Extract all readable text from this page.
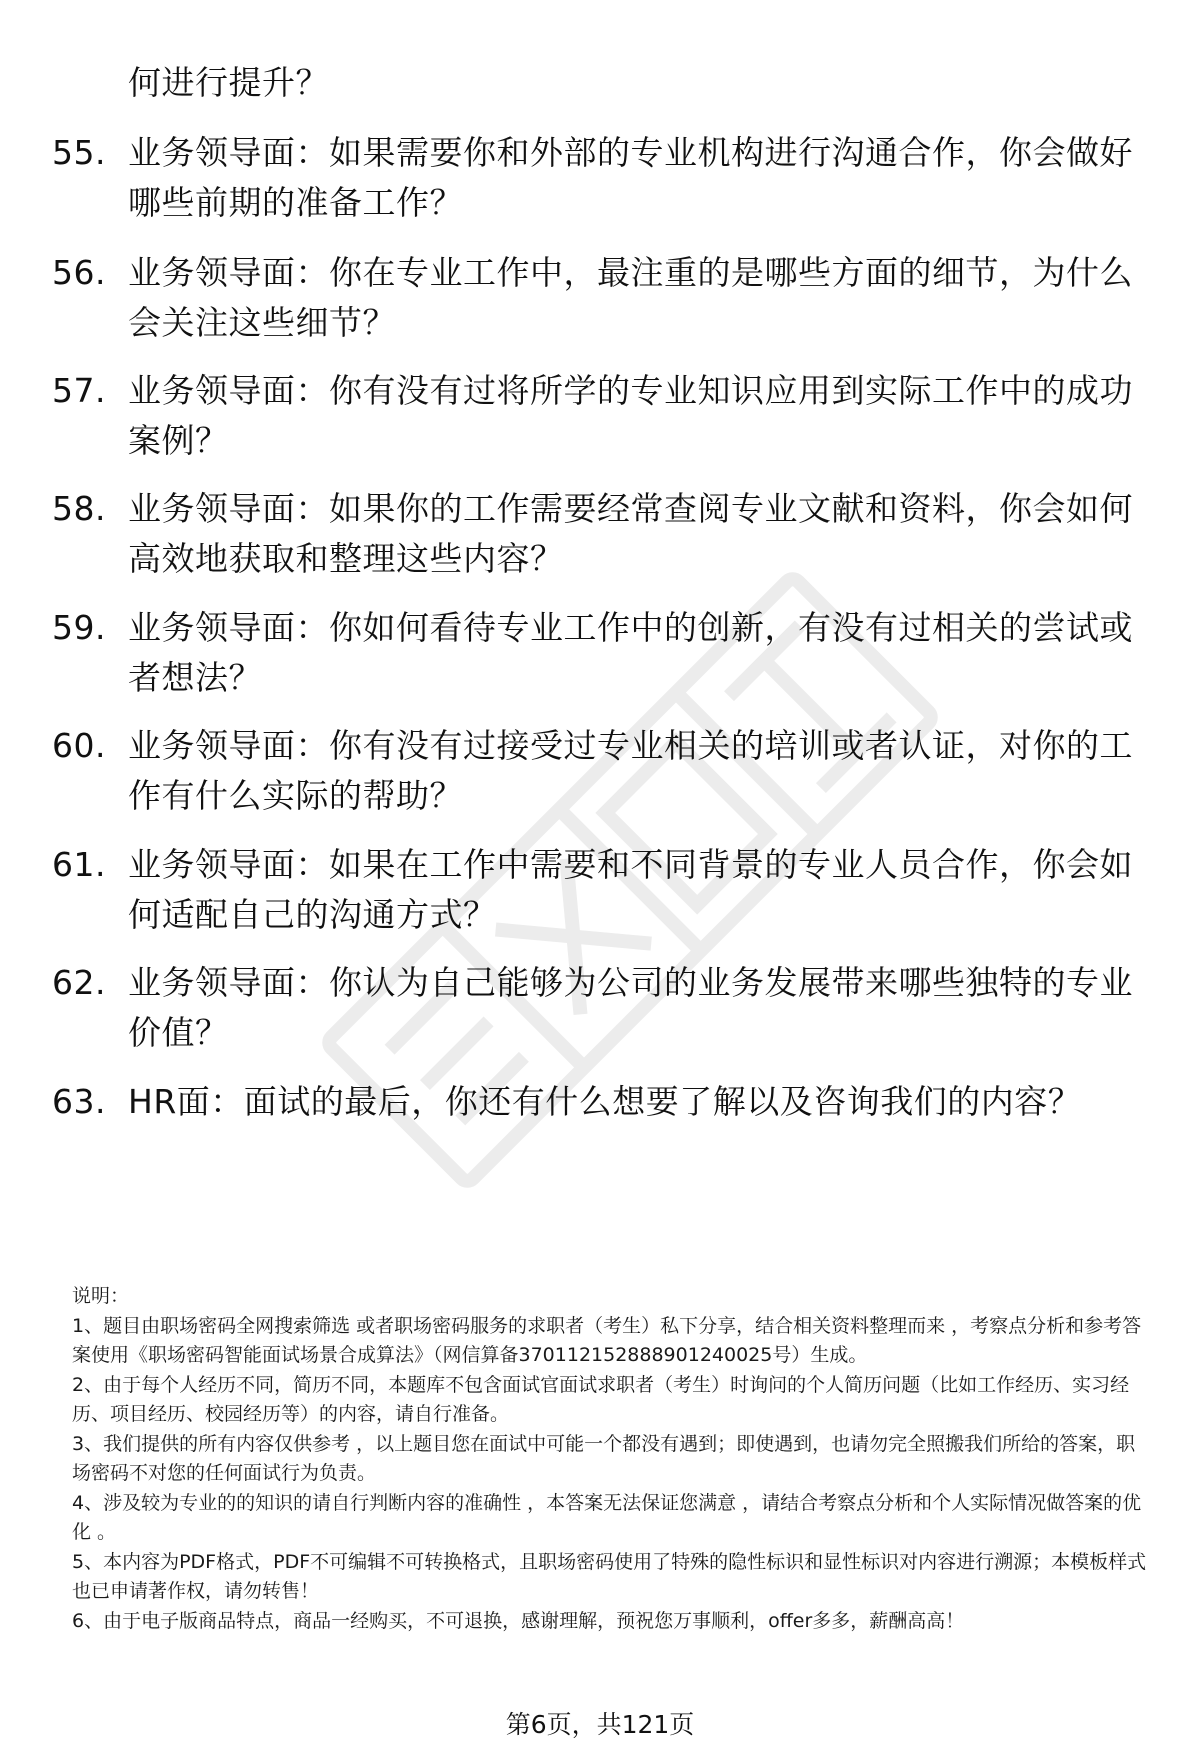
何进行提升？
55. 业务领导面：如果需要你和外部的专业机构进行沟通合作，你会做好哪些前期的准备工作？
56. 业务领导面：你在专业工作中，最注重的是哪些方面的细节，为什么会关注这些细节？
57. 业务领导面：你有没有过将所学的专业知识应用到实际工作中的成功案例？
58. 业务领导面：如果你的工作需要经常查阅专业文献和资料，你会如何高效地获取和整理这些内容？
59. 业务领导面：你如何看待专业工作中的创新，有没有过相关的尝试或者想法？
60. 业务领导面：你有没有过接受过专业相关的培训或者认证，对你的工作有什么实际的帮助？
61. 业务领导面：如果在工作中需要和不同背景的专业人员合作，你会如何适配自己的沟通方式？
62. 业务领导面：你认为自己能够为公司的业务发展带来哪些独特的专业价值？
63. HR面：面试的最后，你还有什么想要了解以及咨询我们的内容？

说明：

1、题目由职场密码全网搜索筛选 或者职场密码服务的求职者（考生）私下分享，结合相关资料整理而来 ，考察点分析和参考答案使用《职场密码智能面试场景合成算法》（网信算备37011215288890124​0025号）生成。

2、由于每个人经历不同，简历不同，本题库不包含面试官面试求职者（考生）时询问的个人简历问题（比如工作经历、实习经历、项目经历、校园经历等）的内容，请自行准备。

3、我们提供的所有内容仅供参考 ，以上题目您在面试中可能一个都没有遇到；即使遇到，也请勿完全照搬我们所给的答案，职场密码不对您的任何面试行为负责。

4、涉及较为专业的的知识的请自行判断内容的准确性 ，本答案无法保证您满意 ，请结合考察点分析和个人实际情况做答案的优化 。

5、本内容为PDF格式，PDF不可编辑不可转换格式，且职场密码使用了特殊的隐性标识和显性标识对内容进行溯源；本模板样式也已申请著作权，请勿转售！

6、由于电子版商品特点，商品一经购买，不可退换，感谢理解，预祝您万事顺利，offer多多，薪酬高高！

第6页，共121页
